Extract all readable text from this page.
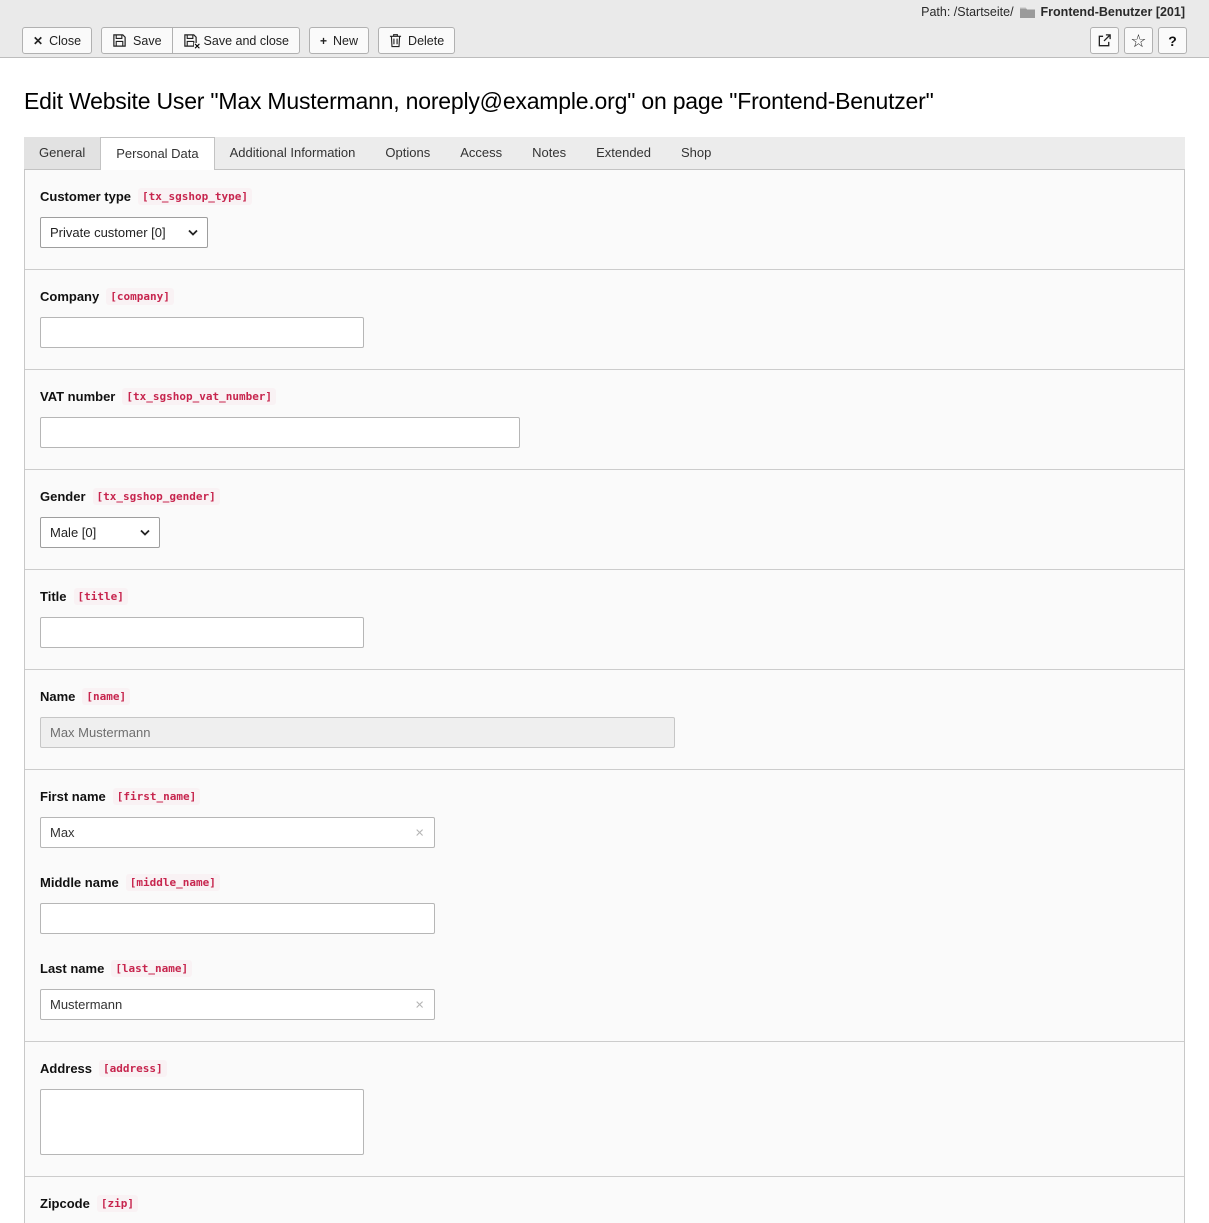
Path:
/Startseite/ Frontend-Benutzer [201]
✕ Close	Save	✕ Save and close	+ New	Delete	☆ ?
Edit Website User "Max Mustermann, noreply@example.org" on page "Frontend-Benutzer"
General	Personal Data	Additional Information	Options	Access	Notes	Extended	Shop
Customer type	[tx_sgshop_type]
Private customer [0]
Company	[company]
VAT number	[tx_sgshop_vat_number]
Gender	[tx_sgshop_gender]
Male [0]
Title	[title]
Name	[name]
Max Mustermann
First name	[first_name]
Max	×
Middle name	[middle_name]
Last name	[last_name]
Mustermann	×
Address	[address]
Zipcode	[zip]
